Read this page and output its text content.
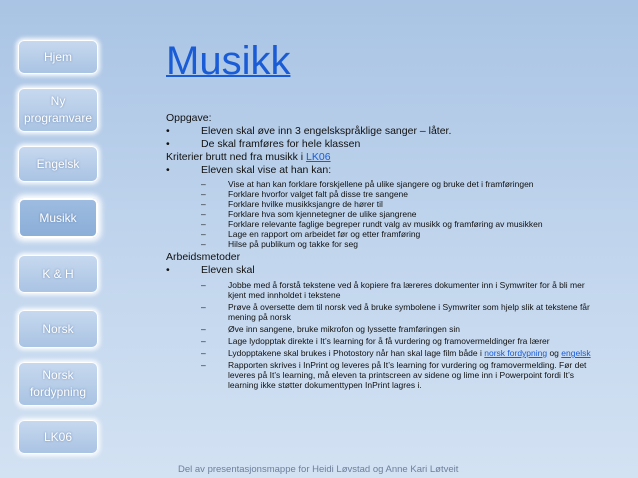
Hjem
Ny
programvare
Engelsk
Musikk
K & H
Norsk
Norsk
fordypning
LK06
Musikk
Oppgave:
•	Eleven skal øve inn 3 engelskspråklige sanger – låter.
•	De skal framføres for hele klassen
Kriterier brutt ned fra musikk i LK06
•	Eleven skal vise at han kan:
–	Vise at han kan forklare forskjellene på ulike sjangere og bruke det i framføringen
–	Forklare hvorfor valget falt på disse tre sangene
–	Forklare hvilke musikksjangre de hører til
–	Forklare hva som kjennetegner de ulike sjangrene
–	Forklare relevante faglige begreper rundt valg av musikk og framføring av musikken
–	Lage en rapport om arbeidet før og etter framføring
–	Hilse på publikum og takke for seg
Arbeidsmetoder
•	Eleven skal
–	Jobbe med å forstå tekstene ved å kopiere fra læreres dokumenter inn i Symwriter for å bli mer
kjent med innholdet i tekstene
–	Prøve å oversette dem til norsk ved å bruke symbolene i Symwriter som hjelp slik at tekstene får
mening på norsk
–	Øve inn sangene, bruke mikrofon og lyssette framføringen sin
–	Lage lydopptak direkte i It’s learning for å få vurdering og framovermeldinger fra lærer
–	Lydopptakene skal brukes i Photostory når han skal lage film både i norsk fordypning og engelsk
–	Rapporten skrives i InPrint og leveres på It’s learning for vurdering og framovermelding. Før det
leveres på It’s learning, må eleven ta printscreen av sidene og lime inn i Powerpoint fordi It’s
learning ikke støtter dokumenttypen InPrint lagres i.
Del av presentasjonsmappe for Heidi Løvstad og Anne Kari Løtveit
